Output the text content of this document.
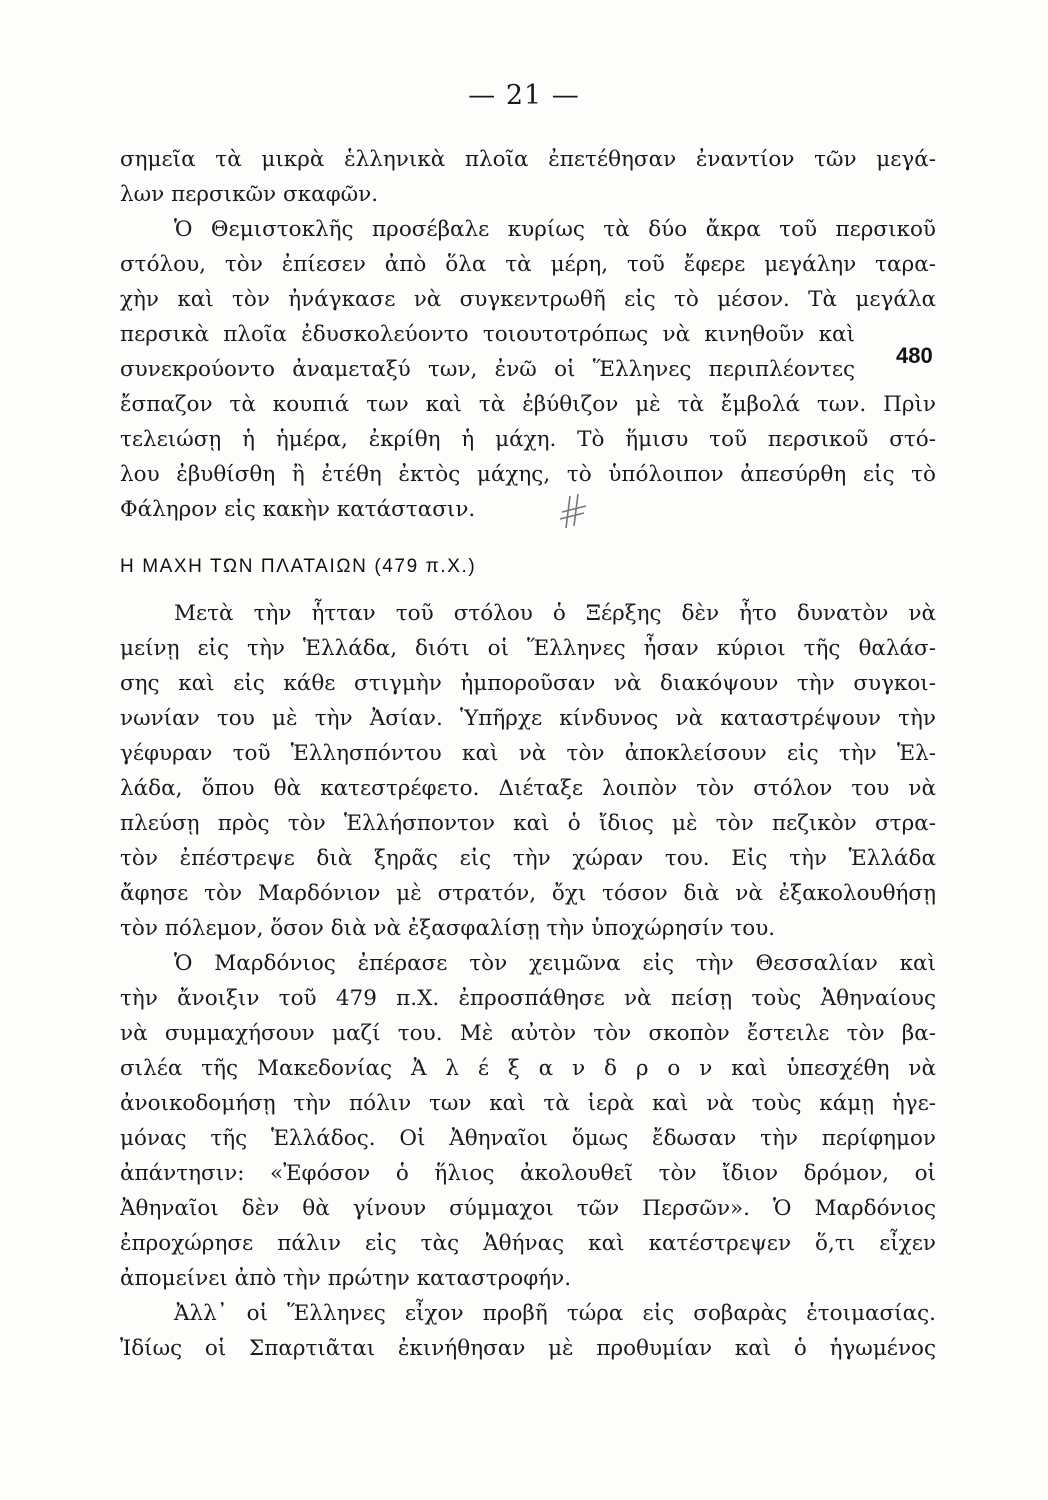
— 21 —
σημεῖα τὰ μικρὰ ἑλληνικὰ πλοῖα ἐπετέθησαν ἐναντίον τῶν μεγά-
λων περσικῶν σκαφῶν.
Ὁ Θεμιστοκλῆς προσέβαλε κυρίως τὰ δύο ἄκρα τοῦ περσικοῦ
στόλου, τὸν ἐπίεσεν ἀπὸ ὅλα τὰ μέρη, τοῦ ἔφερε μεγάλην ταρα-
χὴν καὶ τὸν ἠνάγκασε νὰ συγκεντρωθῆ εἰς τὸ μέσον. Τὰ μεγάλα
περσικὰ πλοῖα ἐδυσκολεύοντο τοιουτοτρόπως νὰ κινηθοῦν καὶ
συνεκρούοντο ἀναμεταξύ των, ἐνῶ οἱ Ἕλληνες περιπλέοντες
ἔσπαζον τὰ κουπιά των καὶ τὰ ἐβύθιζον μὲ τὰ ἔμβολά των. Πρὶν
τελειώσῃ ἡ ἡμέρα, ἐκρίθη ἡ μάχη. Τὸ ἥμισυ τοῦ περσικοῦ στό-
λου ἐβυθίσθη ἢ ἐτέθη ἐκτὸς μάχης, τὸ ὑπόλοιπον ἀπεσύρθη εἰς τὸ
Φάληρον εἰς κακὴν κατάστασιν.
480
Η ΜΑΧΗ ΤΩΝ ΠΛΑΤΑΙΩΝ (479 π.Χ.)
Μετὰ τὴν ἧτταν τοῦ στόλου ὁ Ξέρξης δὲν ἦτο δυνατὸν νὰ
μείνῃ εἰς τὴν Ἑλλάδα, διότι οἱ Ἕλληνες ἦσαν κύριοι τῆς θαλάσ-
σης καὶ εἰς κάθε στιγμὴν ἠμποροῦσαν νὰ διακόψουν τὴν συγκοι-
νωνίαν του μὲ τὴν Ἀσίαν. Ὑπῆρχε κίνδυνος νὰ καταστρέψουν τὴν
γέφυραν τοῦ Ἑλλησπόντου καὶ νὰ τὸν ἀποκλείσουν εἰς τὴν Ἑλ-
λάδα, ὅπου θὰ κατεστρέφετο. Διέταξε λοιπὸν τὸν στόλον του νὰ
πλεύσῃ πρὸς τὸν Ἑλλήσποντον καὶ ὁ ἴδιος μὲ τὸν πεζικὸν στρα-
τὸν ἐπέστρεψε διὰ ξηρᾶς εἰς τὴν χώραν του. Εἰς τὴν Ἑλλάδα
ἄφησε τὸν Μαρδόνιον μὲ στρατόν, ὄχι τόσον διὰ νὰ ἐξακολουθήσῃ
τὸν πόλεμον, ὅσον διὰ νὰ ἐξασφαλίσῃ τὴν ὑποχώρησίν του.
Ὁ Μαρδόνιος ἐπέρασε τὸν χειμῶνα εἰς τὴν Θεσσαλίαν καὶ
τὴν ἄνοιξιν τοῦ 479 π.Χ. ἐπροσπάθησε νὰ πείσῃ τοὺς Ἀθηναίους
νὰ συμμαχήσουν μαζί του. Μὲ αὐτὸν τὸν σκοπὸν ἔστειλε τὸν βα-
σιλέα τῆς Μακεδονίας Ἀ λ έ ξ α ν δ ρ ο ν καὶ ὑπεσχέθη νὰ
ἀνοικοδομήσῃ τὴν πόλιν των καὶ τὰ ἱερὰ καὶ νὰ τοὺς κάμῃ ἡγε-
μόνας τῆς Ἑλλάδος. Οἱ Ἀθηναῖοι ὅμως ἔδωσαν τὴν περίφημον
ἀπάντησιν: «Ἐφόσον ὁ ἥλιος ἀκολουθεῖ τὸν ἴδιον δρόμον, οἱ
Ἀθηναῖοι δὲν θὰ γίνουν σύμμαχοι τῶν Περσῶν». Ὁ Μαρδόνιος
ἐπροχώρησε πάλιν εἰς τὰς Ἀθήνας καὶ κατέστρεψεν ὅ,τι εἶχεν
ἀπομείνει ἀπὸ τὴν πρώτην καταστροφήν.
Ἀλλ᾿ οἱ Ἕλληνες εἶχον προβῆ τώρα εἰς σοβαρὰς ἑτοιμασίας.
Ἰδίως οἱ Σπαρτιᾶται ἐκινήθησαν μὲ προθυμίαν καὶ ὁ ἡγωμένος
